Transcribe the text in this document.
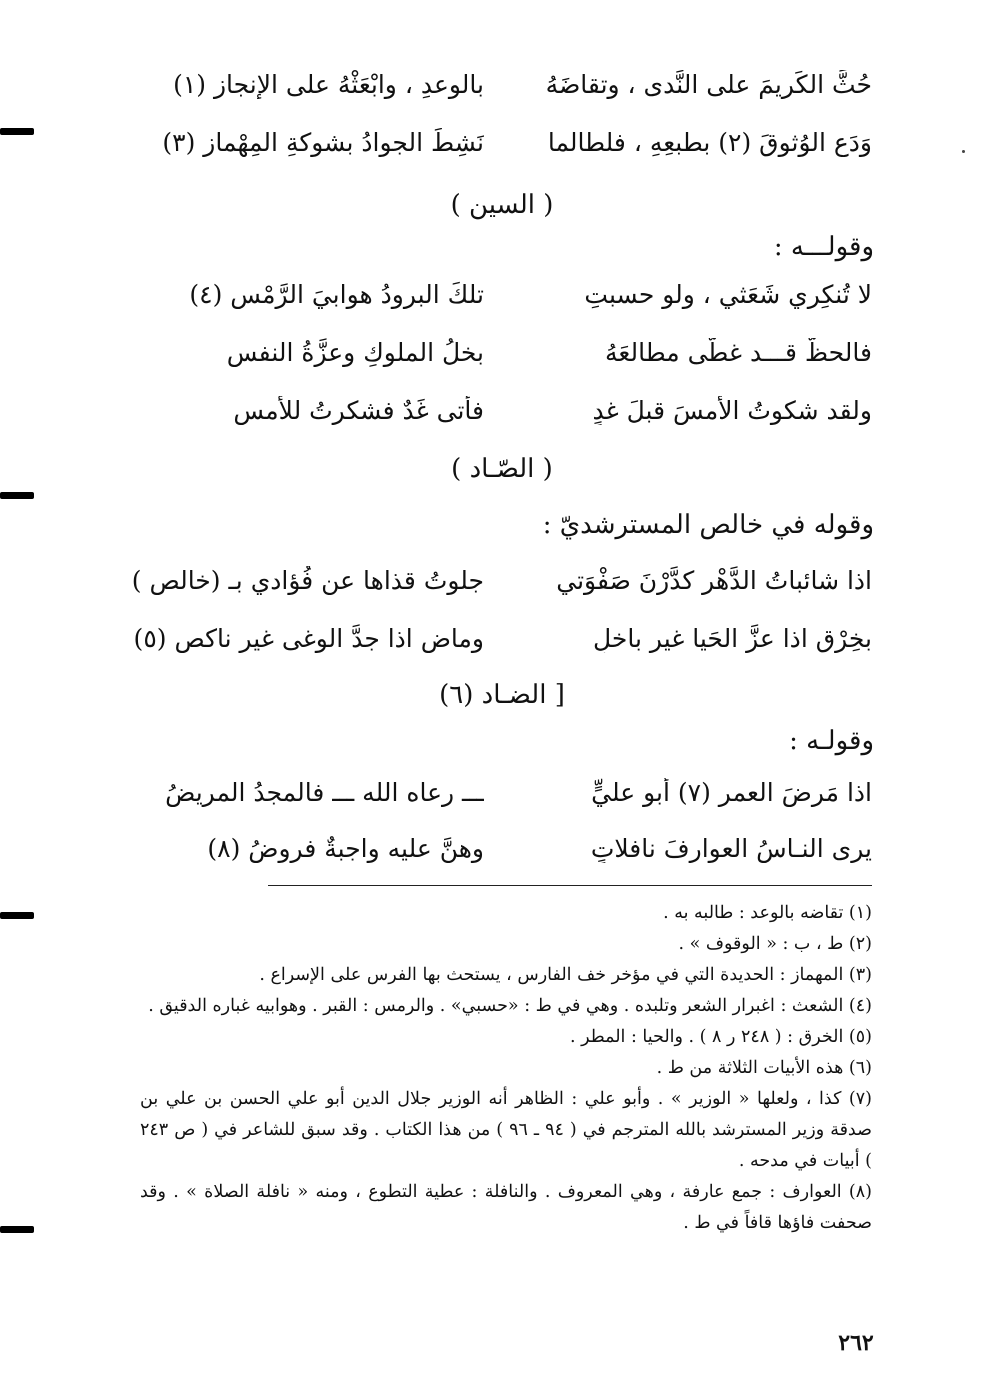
حُثَّ الكَريمَ على النَّدى ، وتقاضَهُ
بالوعدِ ، وابْعَثْهُ على الإنجازِ (١)
وَدَعِ الوُثوقَ (٢) بطبعِهِ ، فلطالما
نَشِطَ الجوادُ بشوكةِ المِهْمازِ (٣)
( السين )
وقولـــه :
لا تُنكِري شَعَثي ، ولو حسبتِ
تلكَ البرودُ هوابيَ الرَّمْسِ (٤)
فالحظُّ قـــد غطَّى مطالعَهُ
بخلُ الملوكِ وعزَّةُ النفسِ
ولقد شكوتُ الأمسَ قبلَ غدٍ
فأتى غَدٌ فشكرتُ للأمسِ
( الصّـاد )
وقوله في خالص المسترشديّ :
اذا شائباتُ الدَّهْرِ كدَّرْنَ صَفْوَتي
جلوتُ قذاها عن فُؤادي بـ (خالص )
بخِرْقٍ اذا عزَّ الحَيا غير باخلٍ
وماضٍ اذا جدَّ الوغى غير ناكصِ (٥)
[ الضـاد (٦)
وقولـه :
اذا مَرِضَ العمر (٧) أبو عليٍّ
ـــ رعاه الله ـــ فالمجدُ المريضُ
يرى النـاسُ العوارفَ نافلاتٍ
وهنَّ عليه واجبةٌ فروضُ (٨)

(١) تقاضه بالوعد : طالبه به .

(٢) ط ، ب : « الوقوف » .

(٣) المهماز : الحديدة التي في مؤخر خف الفارس ، يستحث بها الفرس على الإسراع .

(٤) الشعث : اغبرار الشعر وتلبده . وهي في ط : «حسبي» . والرمس : القبر . وهوابيه غباره الدقيق .

(٥) الخرق : ( ٢٤٨ ر ٨ ) . والحيا : المطر .

(٦) هذه الأبيات الثلاثة من ط .

(٧) كذا ، ولعلها « الوزير » . وأبو علي : الظاهر أنه الوزير جلال الدين أبو علي الحسن بن علي بن صدقة وزير المسترشد بالله المترجم في ( ٩٤ ـ ٩٦ ) من هذا الكتاب . وقد سبق للشاعر في ( ص ٢٤٣ ) أبيات في مدحه .

(٨) العوارف : جمع عارفة ، وهي المعروف . والنافلة : عطية التطوع ، ومنه « نافلة الصلاة » . وقد صحفت فاؤها قافاً في ط .

٢٦٢
